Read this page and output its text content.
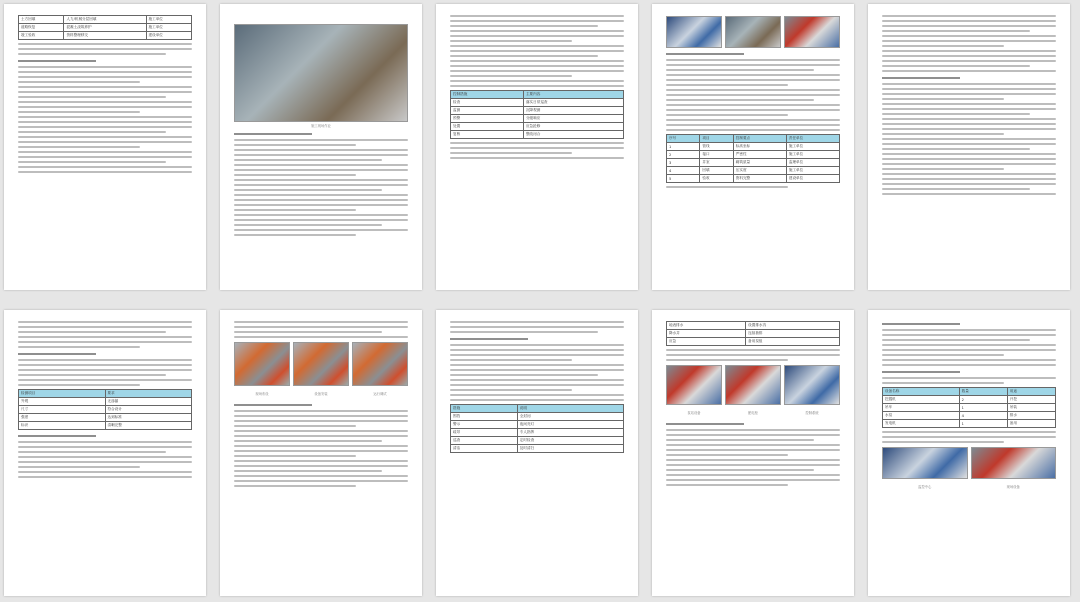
土方回填	人力/机械分层回填	施工单位
道路恢复	混凝土浇筑养护	施工单位
竣工验收	资料整理移交	建设单位
施工现场作业
控制措施	主要内容
检查	落实日常巡查
监测	沉降观测
预警	分级响应
处置	应急抢修
复核	整改闭合
序号	项目	控制要点	责任单位
1	管线	标高坐标	施工单位
2	接口	严密性	施工单位
3	井室	砌筑质量	监理单位
4	回填	压实度	施工单位
5	验收	资料完整	建设单位
检测项目	要求
外观	无渗漏
尺寸	符合设计
强度	达到标准
标识	清晰完整
现场布设	设备安装	运行调试
措施	说明
围挡	全封闭
警示	夜间亮灯
疏导	专人指挥
巡查	定时检查
清洁	及时清扫
地表排水	设置排水沟
降水井	连续抽排
应急	备用泵组
泵站设备	配电柜	控制系统
设备名称	数量	用途
挖掘机	2	开挖
吊车	1	吊装
水泵	4	排水
发电机	1	备用
监控中心	现场设备
